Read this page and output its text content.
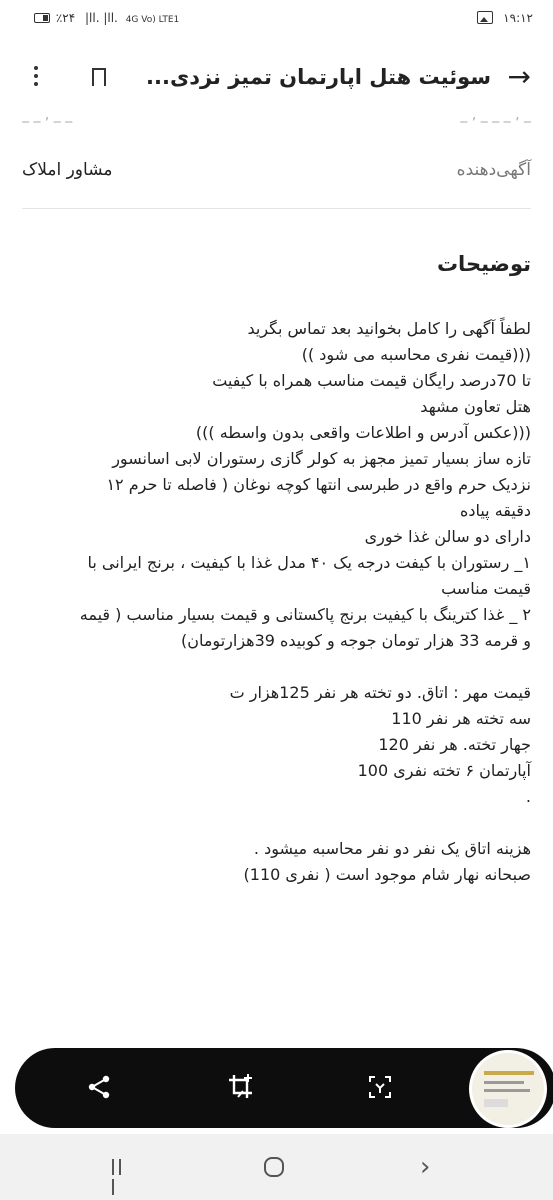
٪۲۴ |ll. |ll. 4G Vo) LTE1	۱۹:۱۲
→
سوئیت هتل اپارتمان تمیز نزدی...
_ _ , _ _	_ , _ _ _ , _
آگهی‌دهنده
مشاور املاک
توضیحات
لطفاً آگهی را کامل بخوانید بعد تماس بگرید
(((قیمت نفری محاسبه می شود ))
تا 70درصد رایگان قیمت مناسب همراه با کیفیت
هتل تعاون مشهد
(((عکس آدرس و اطلاعات واقعی بدون واسطه )))
تازه ساز بسیار تمیز مجهز به کولر گازی رستوران لابی اسانسور
نزدیک حرم واقع در طبرسی انتها کوچه نوغان ( فاصله تا حرم ۱۲
دقیقه پیاده
دارای دو سالن غذا خوری
۱_ رستوران با کیفت درجه یک ۴۰ مدل غذا با کیفیت ، برنج ایرانی با
قیمت مناسب
۲ _ غذا کترینگ با کیفیت برنج پاکستانی و قیمت بسیار مناسب ( قیمه
و قرمه 33 هزار تومان جوجه و کوبیده 39هزارتومان)
قیمت مهر : اتاق. دو تخته هر نفر 125هزار ت
سه تخته هر نفر 110
جهار تخته. هر نفر 120
آپارتمان ۶ تخته نفری 100
.
هزینه اتاق یک نفر دو نفر محاسبه میشود .
صبحانه نهار شام موجود است ( نفری 110)
›
